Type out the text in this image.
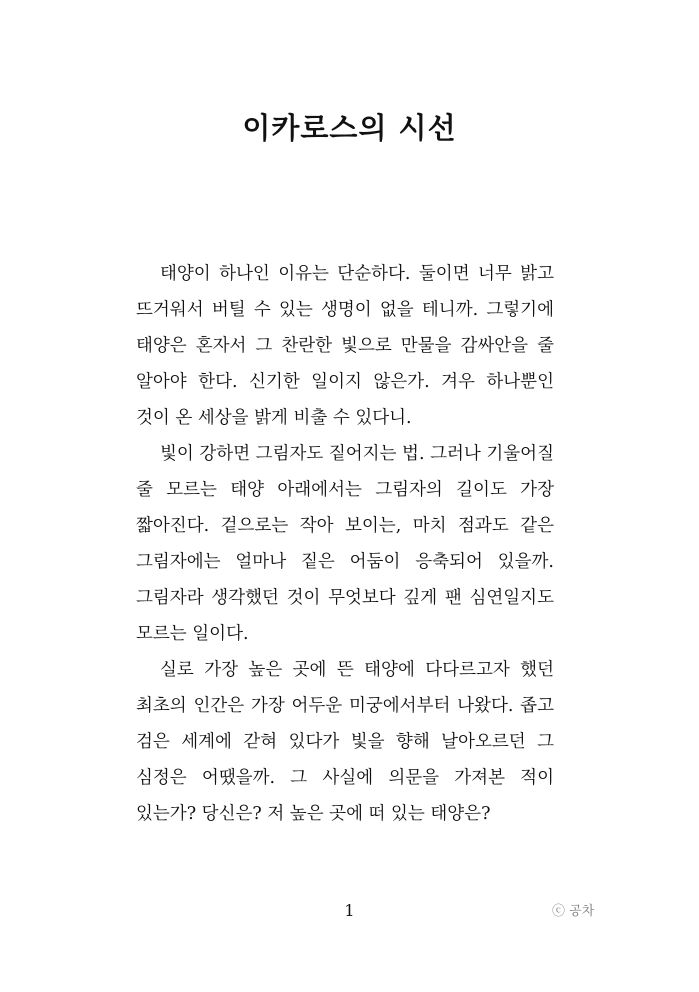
이카로스의 시선

태양이 하나인 이유는 단순하다. 둘이면 너무 밝고 뜨거워서 버틸 수 있는 생명이 없을 테니까. 그렇기에 태양은 혼자서 그 찬란한 빛으로 만물을 감싸안을 줄 알아야 한다. 신기한 일이지 않은가. 겨우 하나뿐인 것이 온 세상을 밝게 비출 수 있다니.

빛이 강하면 그림자도 짙어지는 법. 그러나 기울어질 줄 모르는 태양 아래에서는 그림자의 길이도 가장 짧아진다. 겉으로는 작아 보이는, 마치 점과도 같은 그림자에는 얼마나 짙은 어둠이 응축되어 있을까. 그림자라 생각했던 것이 무엇보다 깊게 팬 심연일지도 모르는 일이다.

실로 가장 높은 곳에 뜬 태양에 다다르고자 했던 최초의 인간은 가장 어두운 미궁에서부터 나왔다. 좁고 검은 세계에 갇혀 있다가 빛을 향해 날아오르던 그 심정은 어땠을까. 그 사실에 의문을 가져본 적이 있는가? 당신은? 저 높은 곳에 떠 있는 태양은?

1	ⓒ 공차
